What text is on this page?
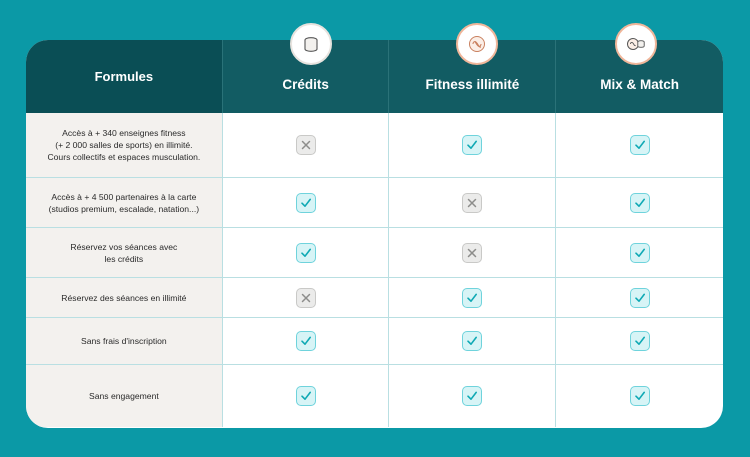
Formules
Crédits	Fitness illimité	Mix & Match
Accès à + 340 enseignes fitness
(+ 2 000 salles de sports) en illimité.
Cours collectifs et espaces musculation.
Accès à + 4 500 partenaires à la carte
(studios premium, escalade, natation...)
Réservez vos séances avec
les crédits
Réservez des séances en illimité
Sans frais d'inscription
Sans engagement
